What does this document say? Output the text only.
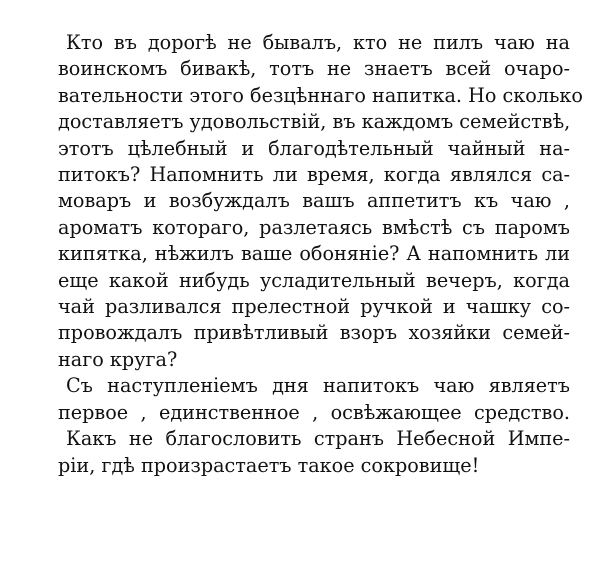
Кто въ дорогѣ не бывалъ, кто не пилъ чаю на
воинскомъ бивакѣ, тотъ не знаетъ всей очаро-
вательности этого безцѣннаго напитка. Но сколько
доставляетъ удовольствій, въ каждомъ семействѣ,
этотъ цѣлебный и благодѣтельный чайный на-
питокъ? Напомнить ли время, когда являлся са-
моваръ и возбуждалъ вашъ аппетитъ къ чаю ,
ароматъ котораго, разлетаясь вмѣстѣ съ паромъ
кипятка, нѣжилъ ваше обоняніе? А напомнить ли
еще какой нибудь усладительный вечеръ, когда
чай разливался прелестной ручкой и чашку со-
провождалъ привѣтливый взоръ хозяйки семей-
наго круга?
Съ наступленіемъ дня напитокъ чаю являетъ
первое , единственное , освѣжающее средство.
Какъ не благословить странъ Небесной Импе-
ріи, гдѣ произрастаетъ такое сокровище!
